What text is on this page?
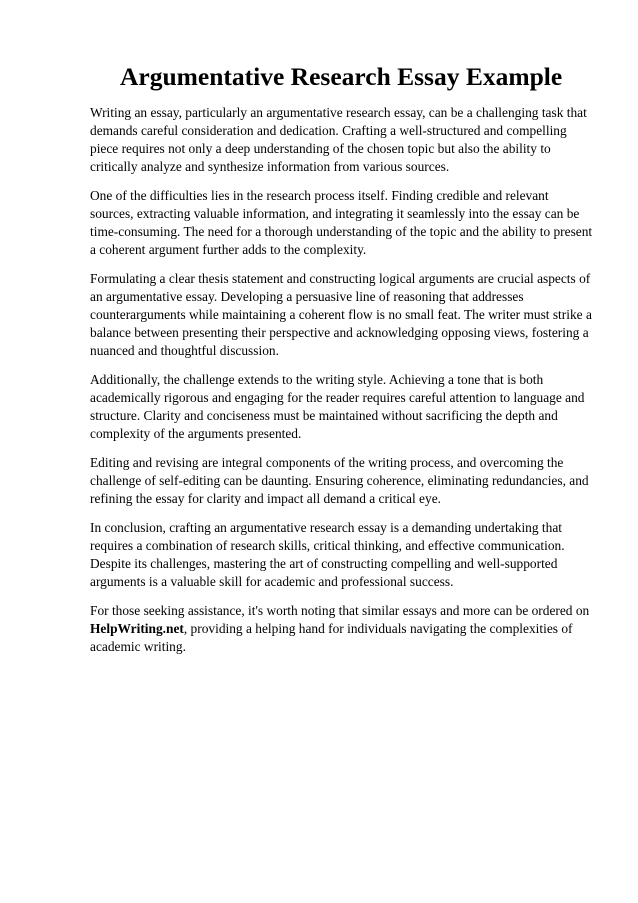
Argumentative Research Essay Example

Writing an essay, particularly an argumentative research essay, can be a challenging task that demands careful consideration and dedication. Crafting a well-structured and compelling piece requires not only a deep understanding of the chosen topic but also the ability to critically analyze and synthesize information from various sources.

One of the difficulties lies in the research process itself. Finding credible and relevant sources, extracting valuable information, and integrating it seamlessly into the essay can be time-consuming. The need for a thorough understanding of the topic and the ability to present a coherent argument further adds to the complexity.

Formulating a clear thesis statement and constructing logical arguments are crucial aspects of an argumentative essay. Developing a persuasive line of reasoning that addresses counterarguments while maintaining a coherent flow is no small feat. The writer must strike a balance between presenting their perspective and acknowledging opposing views, fostering a nuanced and thoughtful discussion.

Additionally, the challenge extends to the writing style. Achieving a tone that is both academically rigorous and engaging for the reader requires careful attention to language and structure. Clarity and conciseness must be maintained without sacrificing the depth and complexity of the arguments presented.

Editing and revising are integral components of the writing process, and overcoming the challenge of self-editing can be daunting. Ensuring coherence, eliminating redundancies, and refining the essay for clarity and impact all demand a critical eye.

In conclusion, crafting an argumentative research essay is a demanding undertaking that requires a combination of research skills, critical thinking, and effective communication. Despite its challenges, mastering the art of constructing compelling and well-supported arguments is a valuable skill for academic and professional success.

For those seeking assistance, it's worth noting that similar essays and more can be ordered on HelpWriting.net, providing a helping hand for individuals navigating the complexities of academic writing.
